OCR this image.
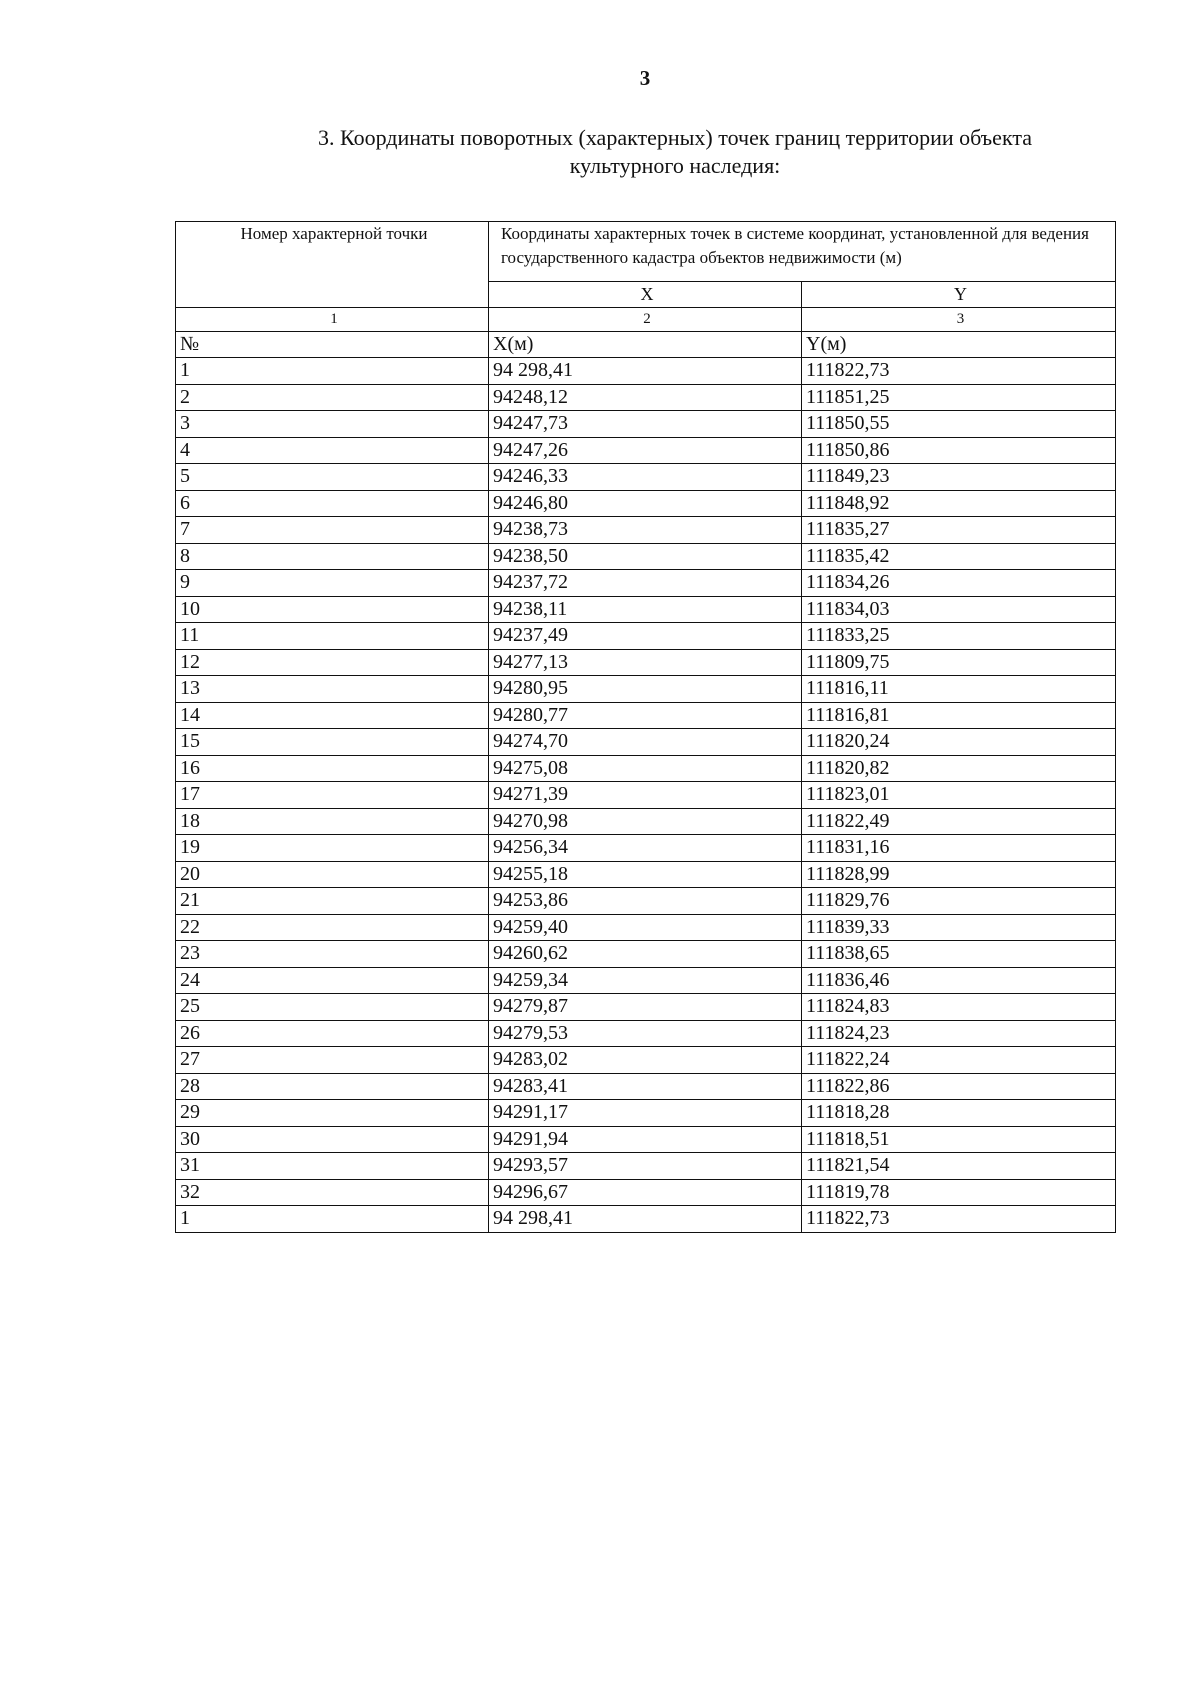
3
3. Координаты поворотных (характерных) точек границ территории объекта
культурного наследия:
Номер характерной точки	Координаты характерных точек в системе координат, установленной для ведения государственного кадастра объектов недвижимости (м)	
	X	Y
1	2	3
№	X(м)	Y(м)
1	94 298,41	111822,73
2	94248,12	111851,25
3	94247,73	111850,55
4	94247,26	111850,86
5	94246,33	111849,23
6	94246,80	111848,92
7	94238,73	111835,27
8	94238,50	111835,42
9	94237,72	111834,26
10	94238,11	111834,03
11	94237,49	111833,25
12	94277,13	111809,75
13	94280,95	111816,11
14	94280,77	111816,81
15	94274,70	111820,24
16	94275,08	111820,82
17	94271,39	111823,01
18	94270,98	111822,49
19	94256,34	111831,16
20	94255,18	111828,99
21	94253,86	111829,76
22	94259,40	111839,33
23	94260,62	111838,65
24	94259,34	111836,46
25	94279,87	111824,83
26	94279,53	111824,23
27	94283,02	111822,24
28	94283,41	111822,86
29	94291,17	111818,28
30	94291,94	111818,51
31	94293,57	111821,54
32	94296,67	111819,78
1	94 298,41	111822,73
